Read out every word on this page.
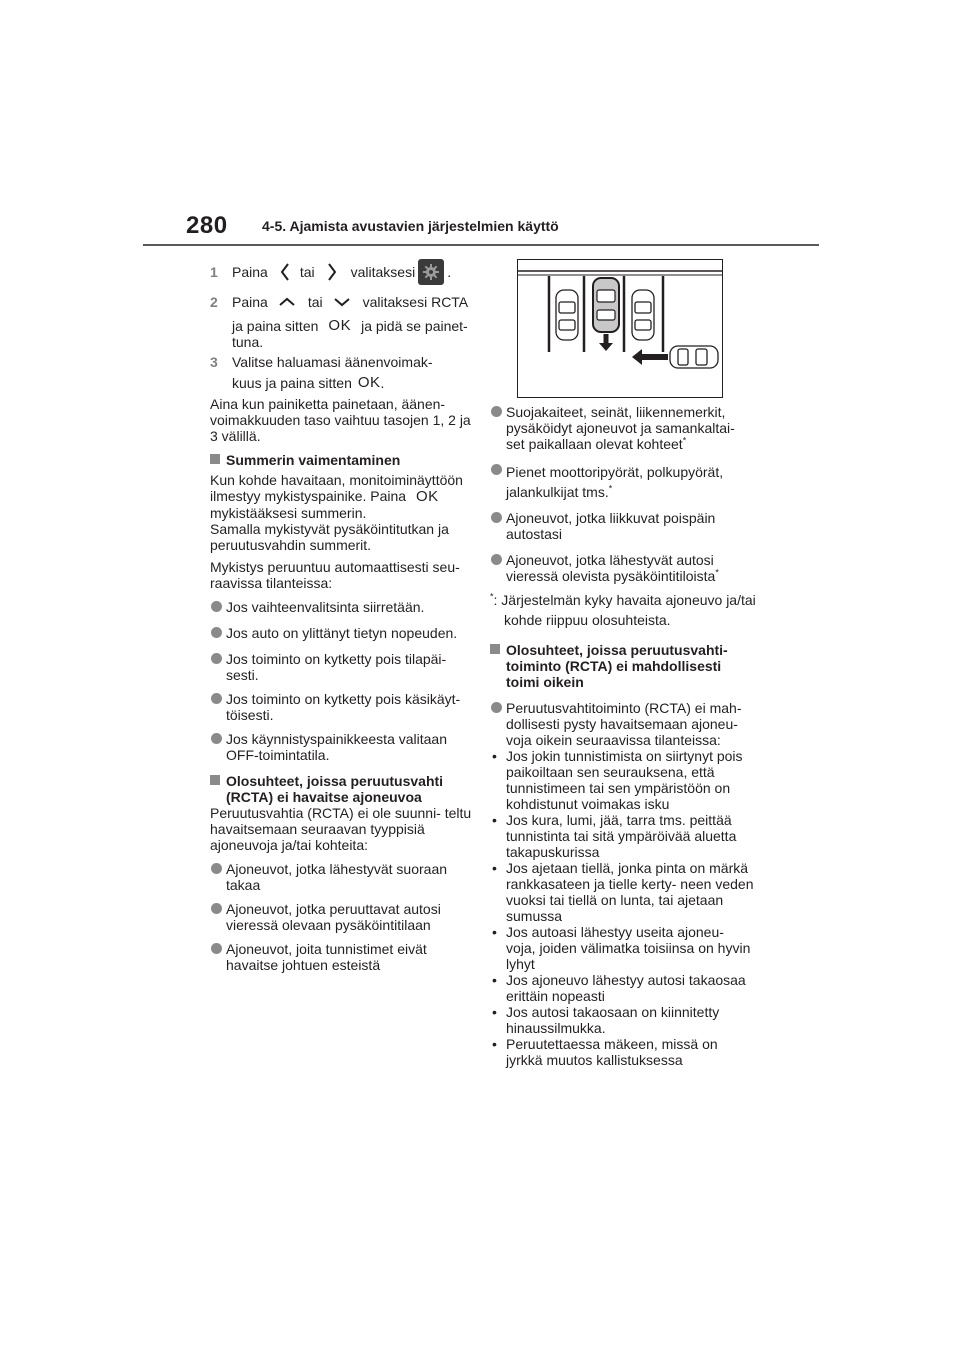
280 4-5. Ajamista avustavien järjestelmien käyttö
1 Paina tai	valitaksesi .
2 Paina	tai	valitaksesi RCTA
ja paina sitten OK ja pidä se painet-

tuna.

3 Valitse haluamasi äänenvoimak-

kuus ja paina sitten OK .

Aina kun painiketta painetaan, äänen- voimakkuuden taso vaihtuu tasojen 1, 2 ja 3 välillä.

Summerin vaimentaminen

Kun kohde havaitaan, monitoiminäyttöön ilmestyy mykistyspainike. Paina OK
mykistääksesi summerin.
Samalla mykistyvät pysäköintitutkan ja peruutusvahdin summerit.

Mykistys peruuntuu automaattisesti seu- raavissa tilanteissa:

Jos vaihteenvalitsinta siirretään.
Jos auto on ylittänyt tietyn nopeuden.
Jos toiminto on kytketty pois tilapäi- sesti.
Jos toiminto on kytketty pois käsikäyt- töisesti.
Jos käynnistyspainikkeesta valitaan OFF-toimintatila.
Olosuhteet, joissa peruutusvahti (RCTA) ei havaitse ajoneuvoa

Peruutusvahtia (RCTA) ei ole suunni- teltu havaitsemaan seuraavan tyyppisiä ajoneuvoja ja/tai kohteita:

Ajoneuvot, jotka lähestyvät suoraan takaa
Ajoneuvot, jotka peruuttavat autosi vieressä olevaan pysäköintitilaan
Ajoneuvot, joita tunnistimet eivät havaitse johtuen esteistä
Suojakaiteet, seinät, liikennemerkit, pysäköidyt ajoneuvot ja samankaltai- set paikallaan olevat kohteet*
Pienet moottoripyörät, polkupyörät, jalankulkijat tms.*
Ajoneuvot, jotka liikkuvat poispäin autostasi
Ajoneuvot, jotka lähestyvät autosi vieressä olevista pysäköintitiloista*
*: Järjestelmän kyky havaita ajoneuvo ja/tai kohde riippuu olosuhteista.
Olosuhteet, joissa peruutusvahti- toiminto (RCTA) ei mahdollisesti toimi oikein
Peruutusvahtitoiminto (RCTA) ei mah- dollisesti pysty havaitsemaan ajoneu- voja oikein seuraavissa tilanteissa:
• Jos jokin tunnistimista on siirtynyt pois paikoiltaan sen seurauksena, että tunnistimeen tai sen ympäristöön on kohdistunut voimakas isku
• Jos kura, lumi, jää, tarra tms. peittää tunnistinta tai sitä ympäröivää aluetta takapuskurissa
• Jos ajetaan tiellä, jonka pinta on märkä rankkasateen ja tielle kerty- neen veden vuoksi tai tiellä on lunta, tai ajetaan sumussa
• Jos autoasi lähestyy useita ajoneu- voja, joiden välimatka toisiinsa on hyvin lyhyt
• Jos ajoneuvo lähestyy autosi takaosaa erittäin nopeasti
• Jos autosi takaosaan on kiinnitetty hinaussilmukka.
• Peruutettaessa mäkeen, missä on jyrkkä muutos kallistuksessa
